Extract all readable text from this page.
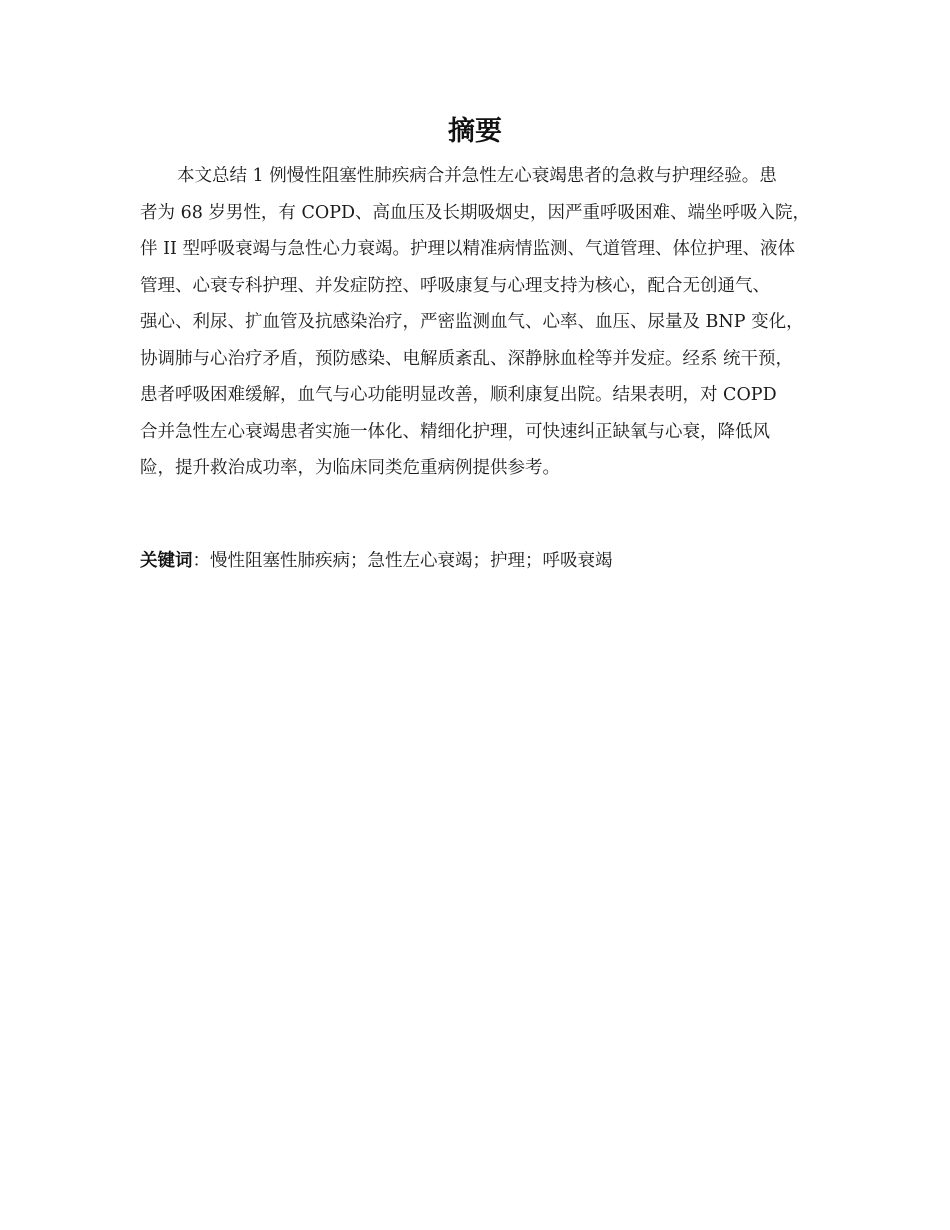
摘要
本文总结 1 例慢性阻塞性肺疾病合并急性左心衰竭患者的急救与护理经验。患
者为 68 岁男性，有 COPD、高血压及长期吸烟史，因严重呼吸困难、端坐呼吸入院，
伴 II 型呼吸衰竭与急性心力衰竭。护理以精准病情监测、气道管理、体位护理、液体
管理、心衰专科护理、并发症防控、呼吸康复与心理支持为核心，配合无创通气、
强心、利尿、扩血管及抗感染治疗，严密监测血气、心率、血压、尿量及 BNP 变化，
协调肺与心治疗矛盾，预防感染、电解质紊乱、深静脉血栓等并发症。经系 统干预，
患者呼吸困难缓解，血气与心功能明显改善，顺利康复出院。结果表明，对 COPD
合并急性左心衰竭患者实施一体化、精细化护理，可快速纠正缺氧与心衰，降低风
险，提升救治成功率，为临床同类危重病例提供参考。

关键词：慢性阻塞性肺疾病；急性左心衰竭；护理；呼吸衰竭
